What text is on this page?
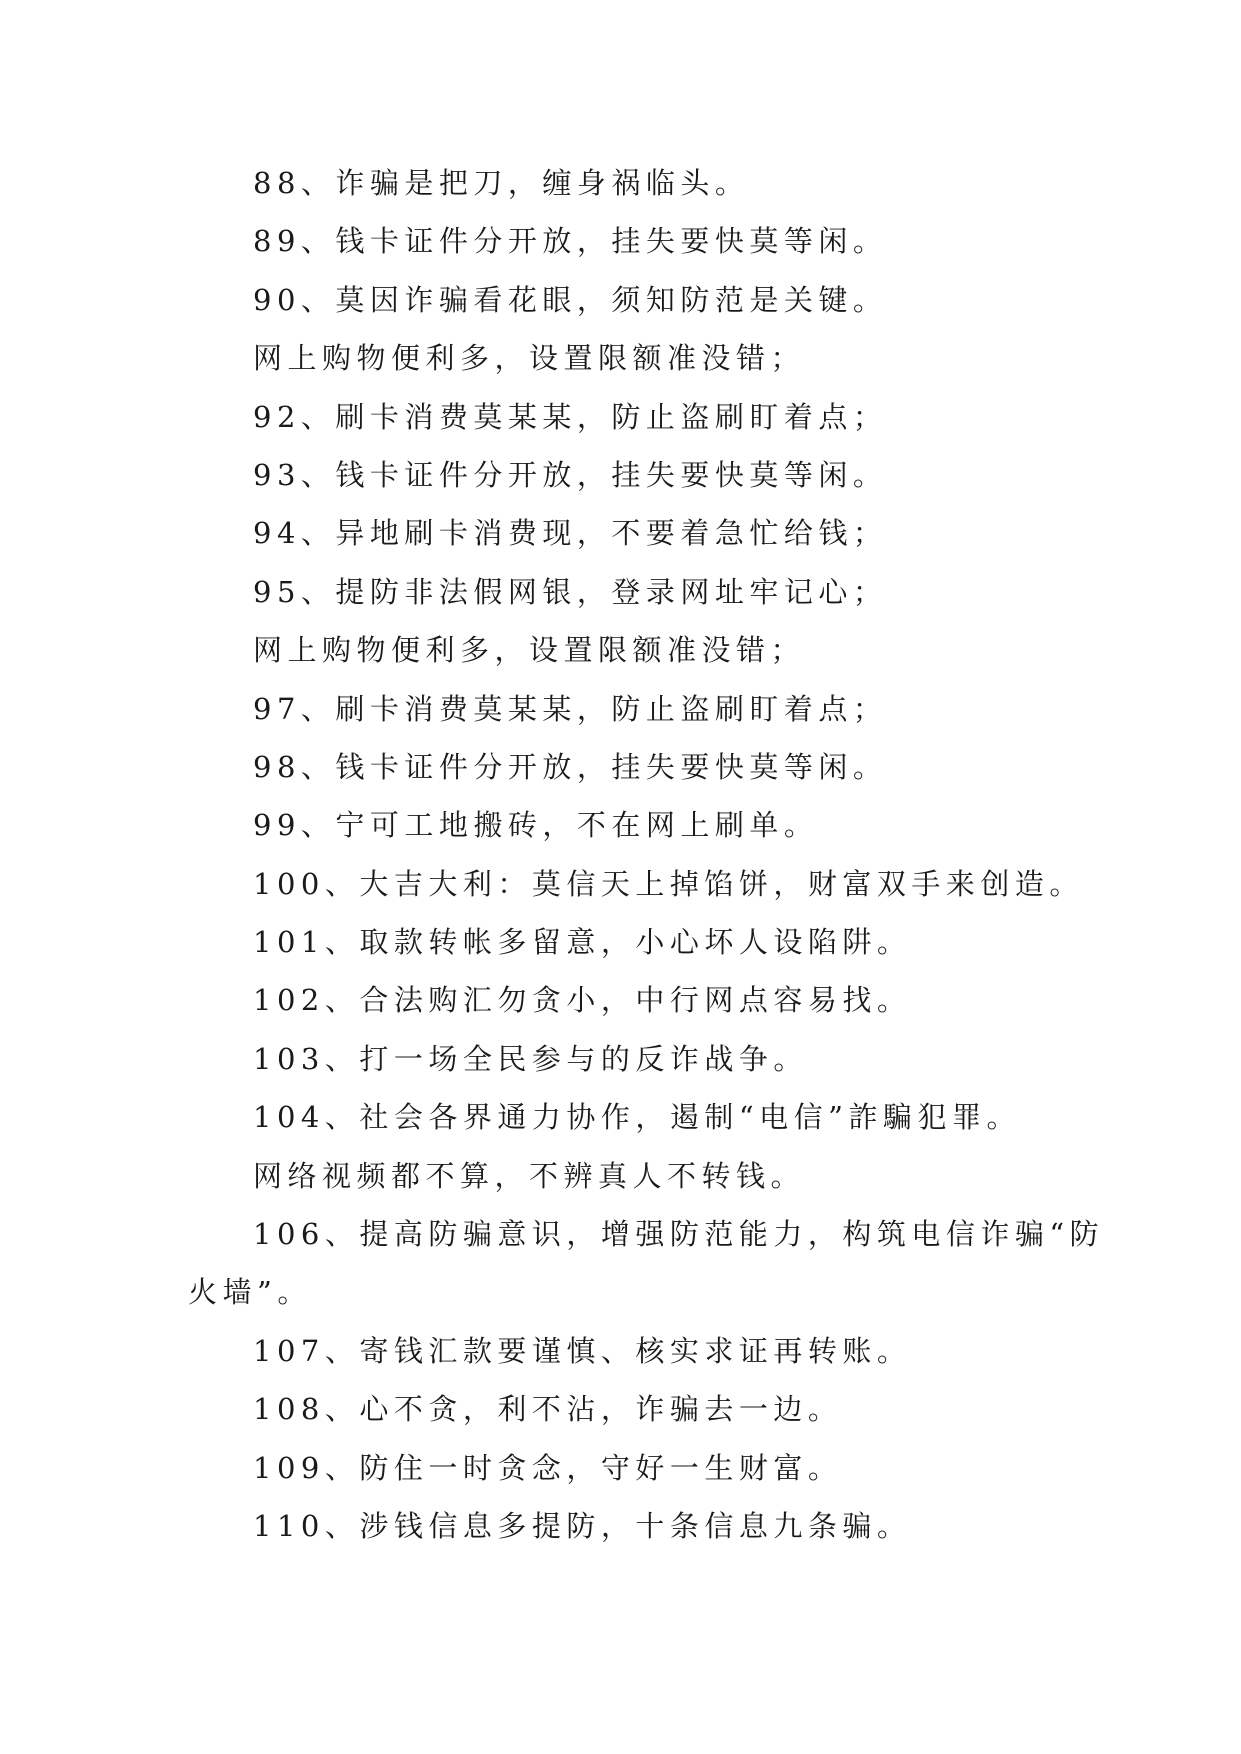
88、诈骗是把刀，缠身祸临头。
89、钱卡证件分开放，挂失要快莫等闲。
90、莫因诈骗看花眼，须知防范是关键。
网上购物便利多，设置限额准没错；
92、刷卡消费莫某某，防止盗刷盯着点；
93、钱卡证件分开放，挂失要快莫等闲。
94、异地刷卡消费现，不要着急忙给钱；
95、提防非法假网银，登录网址牢记心；
网上购物便利多，设置限额准没错；
97、刷卡消费莫某某，防止盗刷盯着点；
98、钱卡证件分开放，挂失要快莫等闲。
99、宁可工地搬砖，不在网上刷单。
100、大吉大利：莫信天上掉馅饼，财富双手来创造。
101、取款转帐多留意，小心坏人设陷阱。
102、合法购汇勿贪小，中行网点容易找。
103、打一场全民参与的反诈战争。
104、社会各界通力协作，遏制“电信”詐騙犯罪。
网络视频都不算，不辨真人不转钱。
106、提高防骗意识，增强防范能力，构筑电信诈骗“防
火墙”。
107、寄钱汇款要谨慎、核实求证再转账。
108、心不贪，利不沾，诈骗去一边。
109、防住一时贪念，守好一生财富。
110、涉钱信息多提防，十条信息九条骗。
